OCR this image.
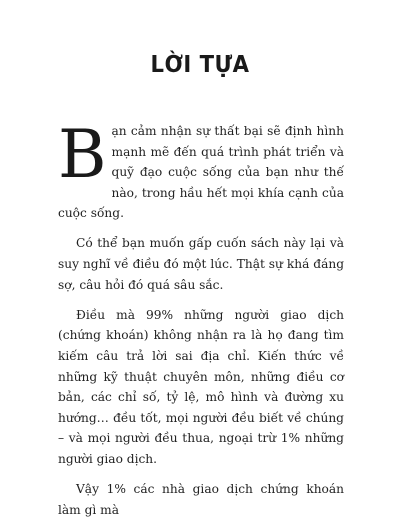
LỜI TỰA

Bạn cảm nhận sự thất bại sẽ định hình mạnh mẽ đến quá trình phát triển và quỹ đạo cuộc sống của bạn như thế nào, trong hầu hết mọi khía cạnh của cuộc sống.

Có thể bạn muốn gấp cuốn sách này lại và suy nghĩ về điều đó một lúc. Thật sự khá đáng sợ, câu hỏi đó quá sâu sắc.

Điều mà 99% những người giao dịch (chứng khoán) không nhận ra là họ đang tìm kiếm câu trả lời sai địa chỉ. Kiến thức về những kỹ thuật chuyên môn, những điều cơ bản, các chỉ số, tỷ lệ, mô hình và đường xu hướng… đều tốt, mọi người đều biết về chúng – và mọi người đều thua, ngoại trừ 1% những người giao dịch.

Vậy 1% các nhà giao dịch chứng khoán làm gì mà
